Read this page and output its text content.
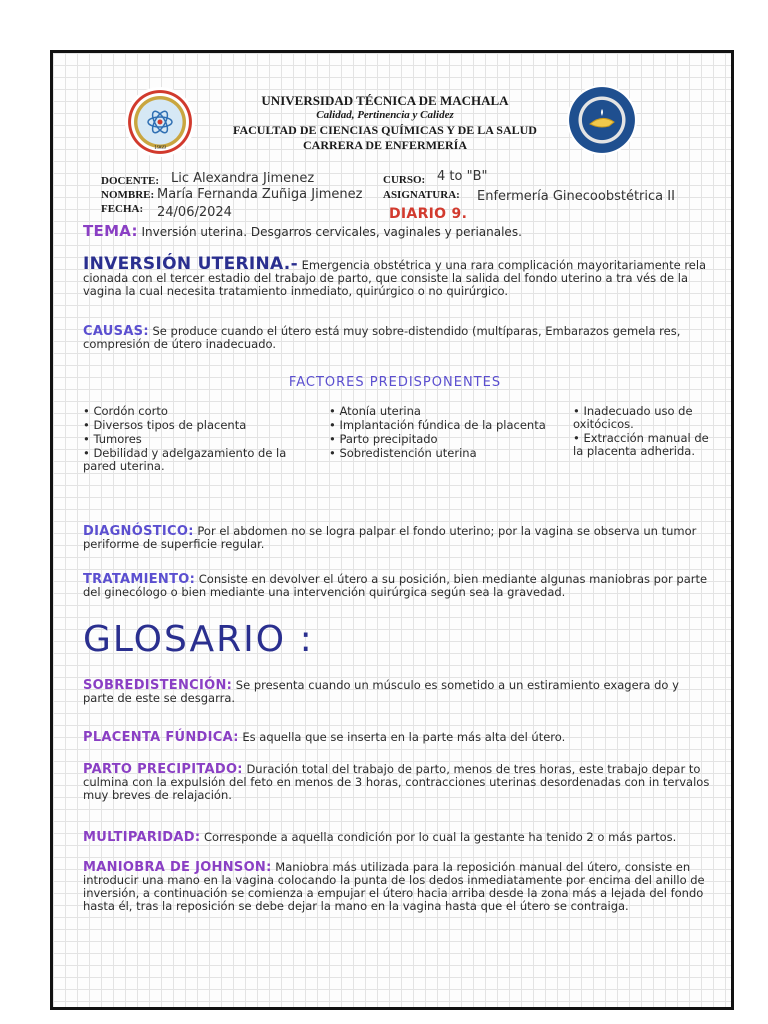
1969
UNIVERSIDAD TÉCNICA DE MACHALA
Calidad, Pertinencia y Calidez
FACULTAD DE CIENCIAS QUÍMICAS Y DE LA SALUD
CARRERA DE ENFERMERÍA
DOCENTE: Lic Alexandra Jimenez
NOMBRE: María Fernanda Zuñiga Jimenez
FECHA: 24/06/2024
CURSO: 4 to "B"
ASIGNATURA: Enfermería Ginecoobstétrica II
DIARIO 9.
TEMA: Inversión uterina. Desgarros cervicales, vaginales y perianales.
INVERSIÓN UTERINA.- Emergencia obstétrica y una rara complicación mayoritariamente rela cionada con el tercer estadio del trabajo de parto, que consiste la salida del fondo uterino a tra vés de la vagina la cual necesita tratamiento inmediato, quirúrgico o no quirúrgico.
CAUSAS: Se produce cuando el útero está muy sobre-distendido (multíparas, Embarazos gemela res, compresión de útero inadecuado.
FACTORES PREDISPONENTES
• Cordón corto
• Diversos tipos de placenta
• Tumores
• Debilidad y adelgazamiento de la pared uterina.
• Atonía uterina
• Implantación fúndica de la placenta
• Parto precipitado
• Sobredistención uterina
• Inadecuado uso de oxitócicos.
• Extracción manual de la placenta adherida.
DIAGNÓSTICO: Por el abdomen no se logra palpar el fondo uterino; por la vagina se observa un tumor periforme de superficie regular.
TRATAMIENTO: Consiste en devolver el útero a su posición, bien mediante algunas maniobras por parte del ginecólogo o bien mediante una intervención quirúrgica según sea la gravedad.
GLOSARIO :
SOBREDISTENCIÓN: Se presenta cuando un músculo es sometido a un estiramiento exagera do y parte de este se desgarra.
PLACENTA FÚNDICA: Es aquella que se inserta en la parte más alta del útero.
PARTO PRECIPITADO: Duración total del trabajo de parto, menos de tres horas, este trabajo depar to culmina con la expulsión del feto en menos de 3 horas, contracciones uterinas desordenadas con in tervalos muy breves de relajación.
MULTIPARIDAD: Corresponde a aquella condición por lo cual la gestante ha tenido 2 o más partos.
MANIOBRA DE JOHNSON: Maniobra más utilizada para la reposición manual del útero, consiste en introducir una mano en la vagina colocando la punta de los dedos inmediatamente por encima del anillo de inversión, a continuación se comienza a empujar el útero hacia arriba desde la zona más a lejada del fondo hasta él, tras la reposición se debe dejar la mano en la vagina hasta que el útero se contraiga.
